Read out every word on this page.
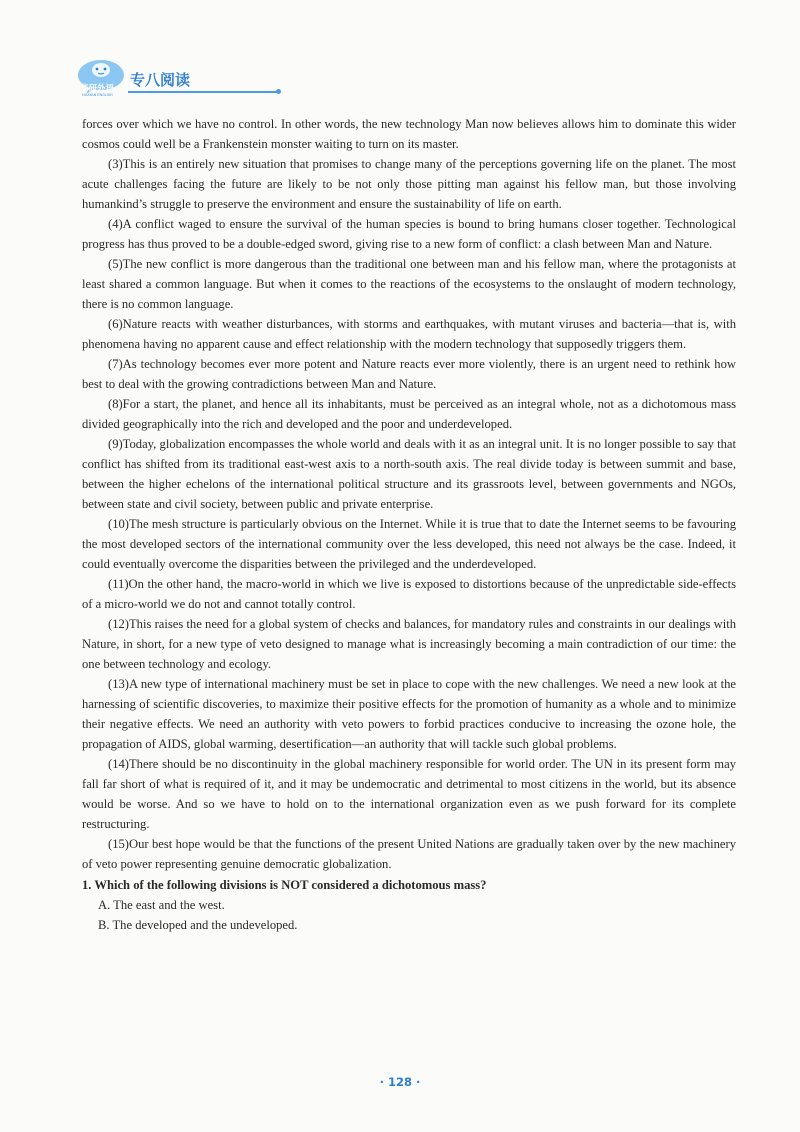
华研外语
HUAYAN ENGLISH
专八阅读

forces over which we have no control. In other words, the new technology Man now believes allows him to dominate this wider cosmos could well be a Frankenstein monster waiting to turn on its master.

(3)This is an entirely new situation that promises to change many of the perceptions governing life on the planet. The most acute challenges facing the future are likely to be not only those pitting man against his fellow man, but those involving humankind’s struggle to preserve the environment and ensure the sustainability of life on earth.

(4)A conflict waged to ensure the survival of the human species is bound to bring humans closer together. Technological progress has thus proved to be a double-edged sword, giving rise to a new form of conflict: a clash between Man and Nature.

(5)The new conflict is more dangerous than the traditional one between man and his fellow man, where the protagonists at least shared a common language. But when it comes to the reactions of the ecosystems to the onslaught of modern technology, there is no common language.

(6)Nature reacts with weather disturbances, with storms and earthquakes, with mutant viruses and bacteria—that is, with phenomena having no apparent cause and effect relationship with the modern technology that supposedly triggers them.

(7)As technology becomes ever more potent and Nature reacts ever more violently, there is an urgent need to rethink how best to deal with the growing contradictions between Man and Nature.

(8)For a start, the planet, and hence all its inhabitants, must be perceived as an integral whole, not as a dichotomous mass divided geographically into the rich and developed and the poor and underdeveloped.

(9)Today, globalization encompasses the whole world and deals with it as an integral unit. It is no longer possible to say that conflict has shifted from its traditional east-west axis to a north-south axis. The real divide today is between summit and base, between the higher echelons of the international political structure and its grassroots level, between governments and NGOs, between state and civil society, between public and private enterprise.

(10)The mesh structure is particularly obvious on the Internet. While it is true that to date the Internet seems to be favouring the most developed sectors of the international community over the less developed, this need not always be the case. Indeed, it could eventually overcome the disparities between the privileged and the underdeveloped.

(11)On the other hand, the macro-world in which we live is exposed to distortions because of the unpredictable side-effects of a micro-world we do not and cannot totally control.

(12)This raises the need for a global system of checks and balances, for mandatory rules and constraints in our dealings with Nature, in short, for a new type of veto designed to manage what is increasingly becoming a main contradiction of our time: the one between technology and ecology.

(13)A new type of international machinery must be set in place to cope with the new challenges. We need a new look at the harnessing of scientific discoveries, to maximize their positive effects for the promotion of humanity as a whole and to minimize their negative effects. We need an authority with veto powers to forbid practices conducive to increasing the ozone hole, the propagation of AIDS, global warming, desertification—an authority that will tackle such global problems.

(14)There should be no discontinuity in the global machinery responsible for world order. The UN in its present form may fall far short of what is required of it, and it may be undemocratic and detrimental to most citizens in the world, but its absence would be worse. And so we have to hold on to the international organization even as we push forward for its complete restructuring.

(15)Our best hope would be that the functions of the present United Nations are gradually taken over by the new machinery of veto power representing genuine democratic globalization.

1. Which of the following divisions is NOT considered a dichotomous mass?

A. The east and the west.

B. The developed and the undeveloped.

· 128 ·
